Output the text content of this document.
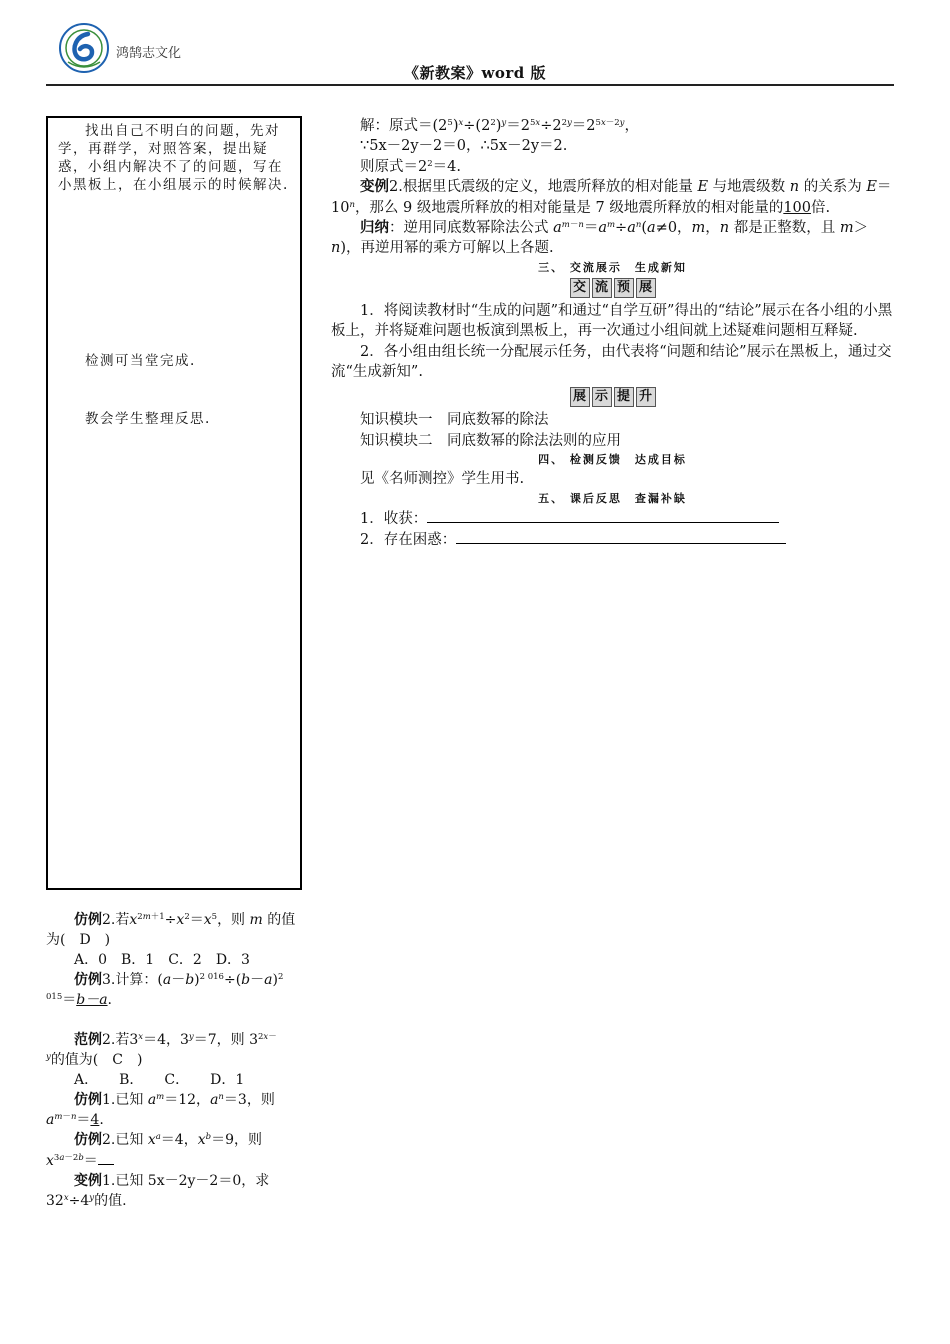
鸿鹄志文化
《新教案》word 版
找出自己不明白的问题，先对学，再群学，对照答案，提出疑惑，小组内解决不了的问题，写在小黑板上，在小组展示的时候解决.
检测可当堂完成.
教会学生整理反思.

仿例2.若$x^{2m+1}\div x^2=x^5$，则 m 的值为(　D　)

A．0　B．1　C．2　D．3

仿例3.计算：$(a-b)^{2 016}\div(b-a)^2$

$^{015}$＝b－a.

范例2.若$3^x=4$，$3^y=7$，则 $3^{2x-}$

$^y$的值为(　C　)

A．　　B．　　C．　　D．1

仿例1.已知 $a^m=12$，$a^n=3$，则

$a^{m-n}=4$.

仿例2.已知 $x^a=4$，$x^b=9$，则

$x^{3a-2b}=$

变例1.已知 5x－2y－2＝0，求

$32^x\div 4^y$的值.

解：原式$=(2^5)^x\div(2^2)^y=2^{5x}\div 2^{2y}=2^{5x-2y}$，

∵5x－2y－2＝0，∴5x－2y＝2.

则原式$=2^2=4$.

变例2.根据里氏震级的定义，地震所释放的相对能量 E 与地震级数 n 的关系为 $E=10^n$，那么 9 级地震所释放的相对能量是 7 级地震所释放的相对能量的100倍.

归纳：逆用同底数幂除法公式 $a^{m-n}=a^m\div a^n(a\ne 0$，m，n 都是正整数，且 m＞n)，再逆用幂的乘方可解以上各题.

三、 交流展示　生成新知

交 流 预 展

1．将阅读教材时“生成的问题”和通过“自学互研”得出的“结论”展示在各小组的小黑板上，并将疑难问题也板演到黑板上，再一次通过小组间就上述疑难问题相互释疑.

2．各小组由组长统一分配展示任务，由代表将“问题和结论”展示在黑板上，通过交流“生成新知”.

展 示 提 升

知识模块一　同底数幂的除法

知识模块二　同底数幂的除法法则的应用

四、 检测反馈　达成目标

见《名师测控》学生用书.

五、 课后反思　查漏补缺

1．收获：

2．存在困惑：
